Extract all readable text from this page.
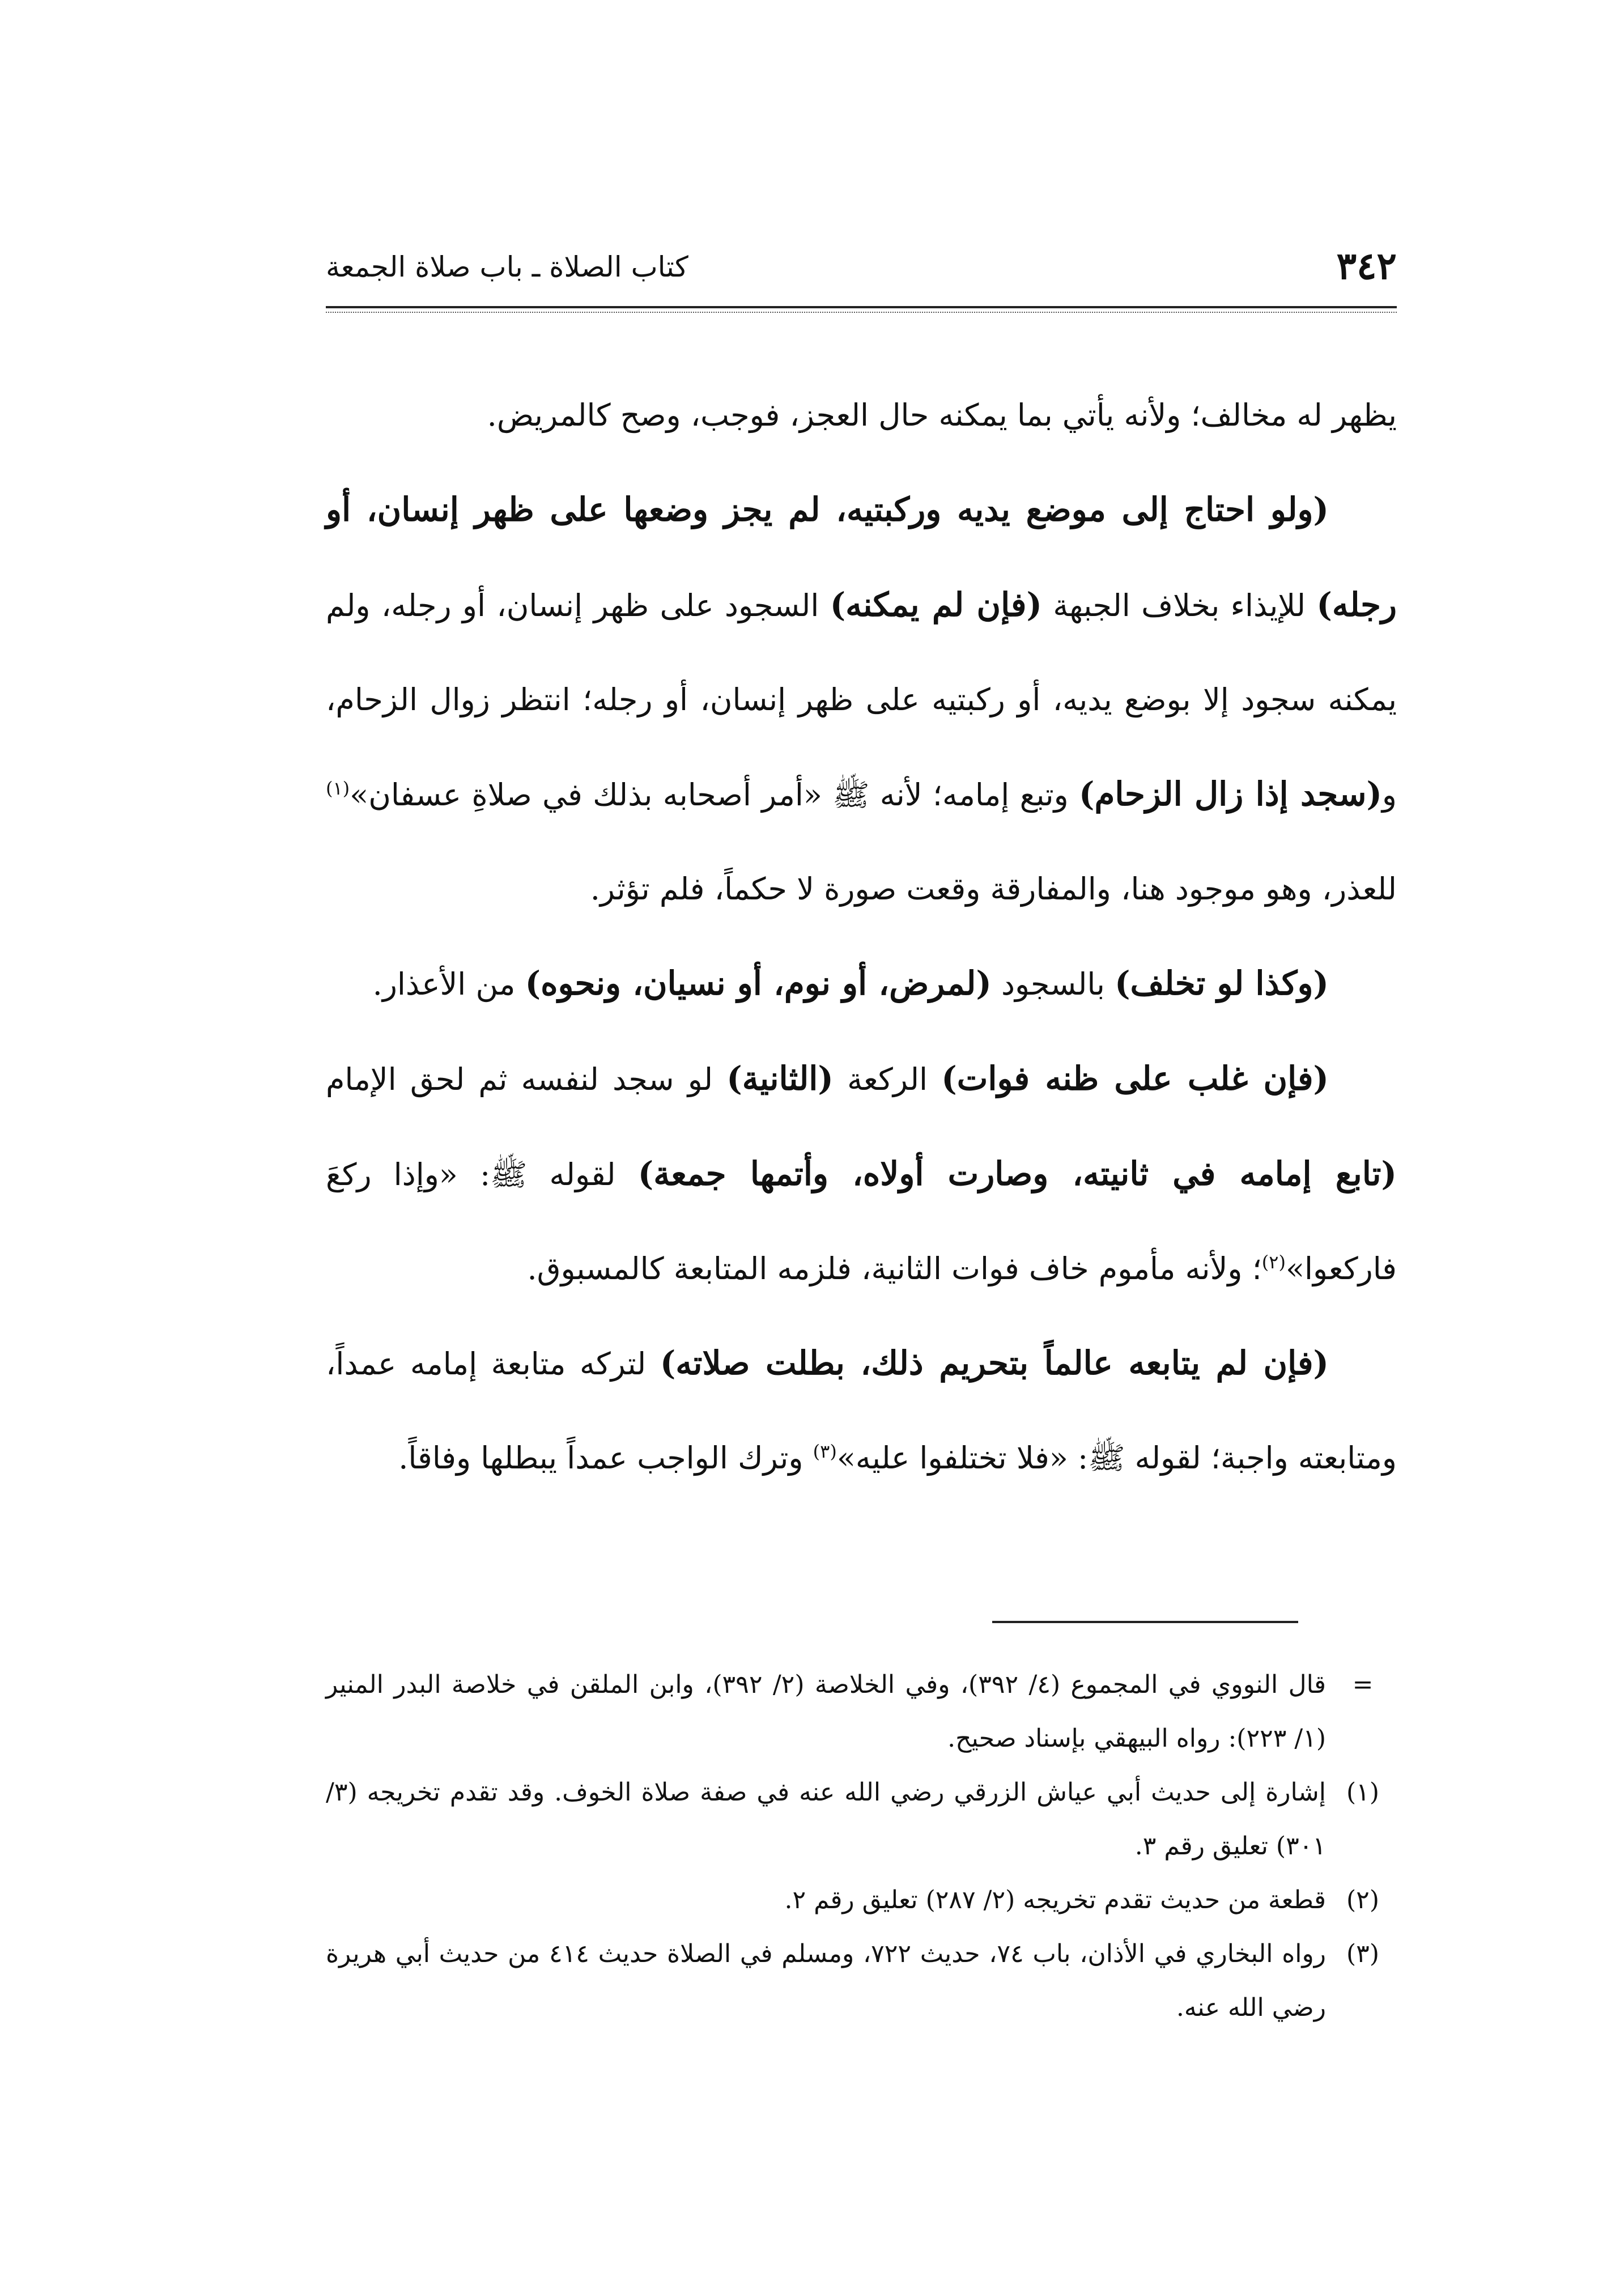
٣٤٢
كتاب الصلاة ـ باب صلاة الجمعة

يظهر له مخالف؛ ولأنه يأتي بما يمكنه حال العجز، فوجب، وصح كالمريض.

(ولو احتاج إلى موضع يديه وركبتيه، لم يجز وضعها على ظهر إنسان، أو رجله) للإيذاء بخلاف الجبهة (فإن لم يمكنه) السجود على ظهر إنسان، أو رجله، ولم يمكنه سجود إلا بوضع يديه، أو ركبتيه على ظهر إنسان، أو رجله؛ انتظر زوال الزحام، و(سجد إذا زال الزحام) وتبع إمامه؛ لأنه ﷺ «أمر أصحابه بذلك في صلاةِ عسفان»$^{(١)}$ للعذر، وهو موجود هنا، والمفارقة وقعت صورة لا حكماً، فلم تؤثر.

(وكذا لو تخلف) بالسجود (لمرض، أو نوم، أو نسيان، ونحوه) من الأعذار.

(فإن غلب على ظنه فوات) الركعة (الثانية) لو سجد لنفسه ثم لحق الإمام (تابع إمامه في ثانيته، وصارت أولاه، وأتمها جمعة) لقوله ﷺ: «وإذا ركعَ فاركعوا»$^{(٢)}$؛ ولأنه مأموم خاف فوات الثانية، فلزمه المتابعة كالمسبوق.

(فإن لم يتابعه عالماً بتحريم ذلك، بطلت صلاته) لتركه متابعة إمامه عمداً، ومتابعته واجبة؛ لقوله ﷺ: «فلا تختلفوا عليه»$^{(٣)}$ وترك الواجب عمداً يبطلها وفاقاً.

=
قال النووي في المجموع (٤/ ٣٩٢)، وفي الخلاصة (٢/ ٣٩٢)، وابن الملقن في خلاصة البدر المنير (١/ ٢٢٣): رواه البيهقي بإسناد صحيح.
(١)
إشارة إلى حديث أبي عياش الزرقي رضي الله عنه في صفة صلاة الخوف. وقد تقدم تخريجه (٣/ ٣٠١) تعليق رقم ٣.
(٢)
قطعة من حديث تقدم تخريجه (٢/ ٢٨٧) تعليق رقم ٢.
(٣)
رواه البخاري في الأذان، باب ٧٤، حديث ٧٢٢، ومسلم في الصلاة حديث ٤١٤ من حديث أبي هريرة رضي الله عنه.
